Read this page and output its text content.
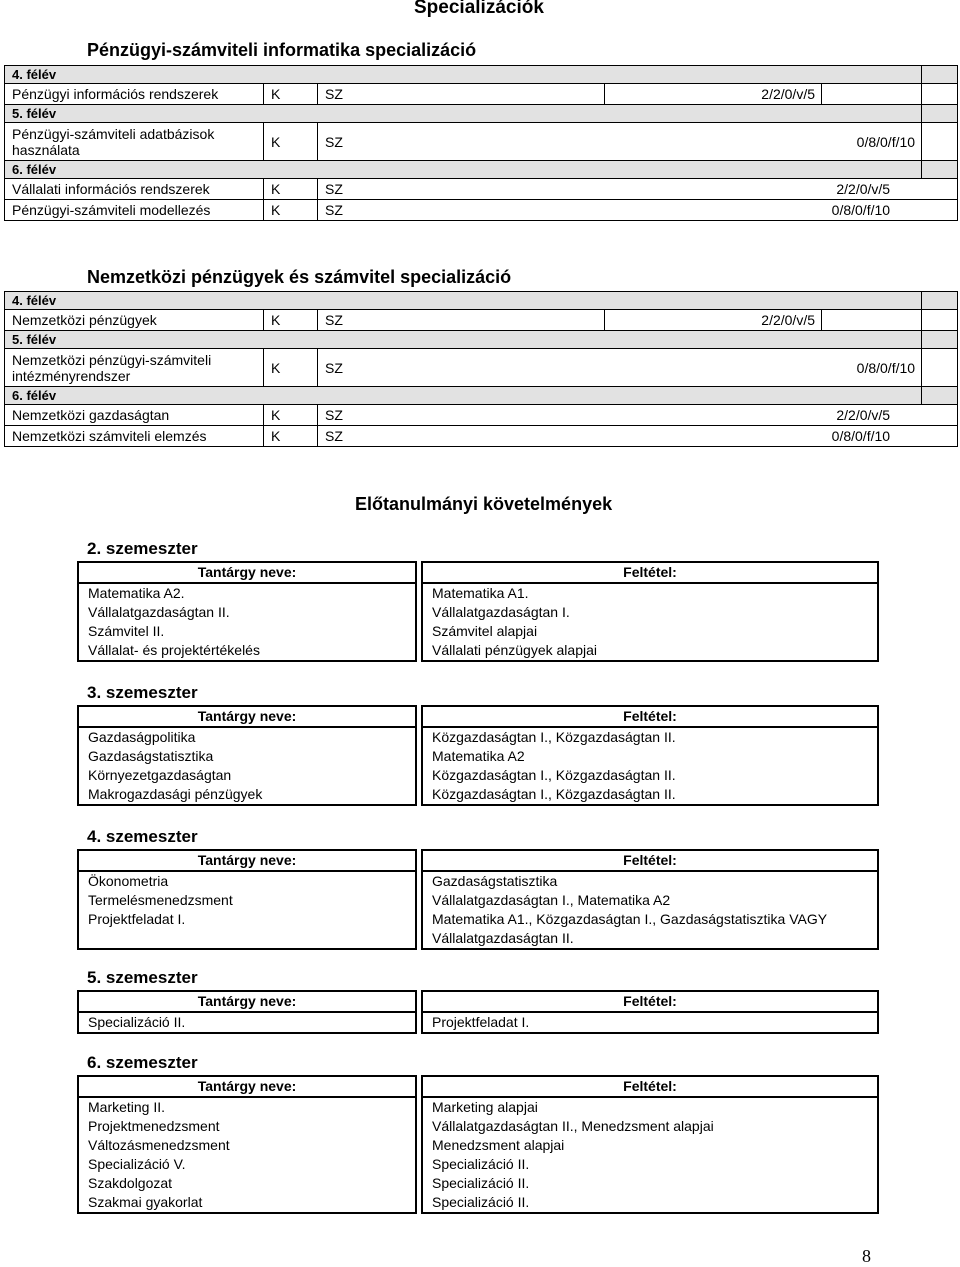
Specializációk
Pénzügyi-számviteli informatika specializáció
4. félév					
Pénzügyi információs rendszerek	K	SZ	2/2/0/v/5		
5. félév					
Pénzügyi-számviteli adatbázisok használata	K	SZ 0/8/0/f/10			

6. félév					
Vállalati információs rendszerek	K	SZ 2/2/0/v/5			

Pénzügyi-számviteli modellezés	K	SZ 0/8/0/f/10			
Nemzetközi pénzügyek és számvitel specializáció
4. félév					
Nemzetközi pénzügyek	K	SZ	2/2/0/v/5		
5. félév					
Nemzetközi pénzügyi-számviteli intézményrendszer	K	SZ 0/8/0/f/10			

6. félév					
Nemzetközi gazdaságtan	K	SZ 2/2/0/v/5			

Nemzetközi számviteli elemzés	K	SZ 0/8/0/f/10			
Előtanulmányi követelmények
2. szemeszter
Tantárgy neve:		Feltétel:
Matematika A2.		Matematika A1.
Vállalatgazdaságtan II.		Vállalatgazdaságtan I.
Számvitel II.		Számvitel alapjai
Vállalat- és projektértékelés		Vállalati pénzügyek alapjai
3. szemeszter
Tantárgy neve:		Feltétel:
Gazdaságpolitika		Közgazdaságtan I., Közgazdaságtan II.
Gazdaságstatisztika		Matematika A2
Környezetgazdaságtan		Közgazdaságtan I., Közgazdaságtan II.
Makrogazdasági pénzügyek		Közgazdaságtan I., Közgazdaságtan II.
4. szemeszter
Tantárgy neve:		Feltétel:
Ökonometria		Gazdaságstatisztika
Termelésmenedzsment		Vállalatgazdaságtan I., Matematika A2
Projektfeladat I.		Matematika A1., Közgazdaságtan I., Gazdaságstatisztika VAGY Vállalatgazdaságtan II.
5. szemeszter
Tantárgy neve:		Feltétel:
Specializáció II.		Projektfeladat I.
6. szemeszter
Tantárgy neve:		Feltétel:
Marketing II.		Marketing alapjai
Projektmenedzsment		Vállalatgazdaságtan II., Menedzsment alapjai
Változásmenedzsment		Menedzsment alapjai
Specializáció V.		Specializáció II.
Szakdolgozat		Specializáció II.
Szakmai gyakorlat		Specializáció II.
8
